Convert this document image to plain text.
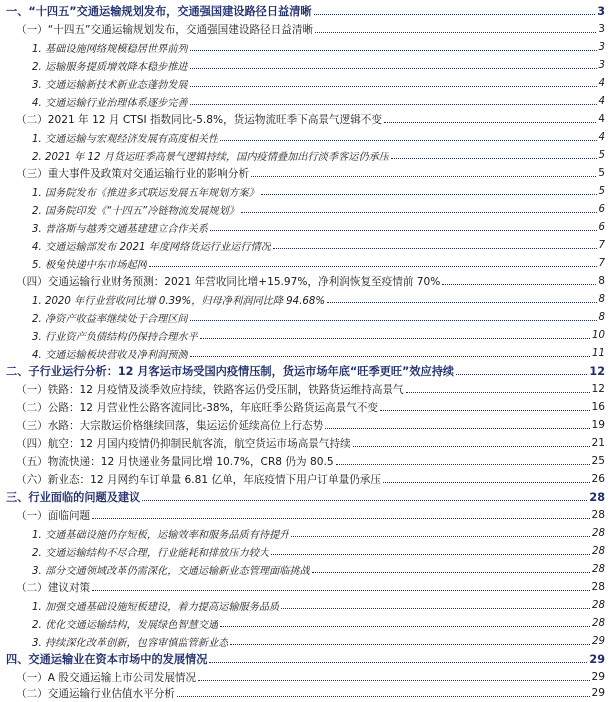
一、“十四五”交通运输规划发布，交通强国建设路径日益清晰	3
（一）“十四五”交通运输规划发布，交通强国建设路径日益清晰	3
1. 基础设施网络规模稳居世界前列	3
2. 运输服务提质增效降本稳步推进	3
3. 交通运输新技术新业态蓬勃发展	4
4. 交通运输行业治理体系逐步完善	4
（二）2021 年 12 月 CTSI 指数同比-5.8%，货运物流旺季下高景气逻辑不变	4
1. 交通运输与宏观经济发展有高度相关性	4
2. 2021 年 12 月货运旺季高景气逻辑持续，国内疫情叠加出行淡季客运仍承压	5
（三）重大事件及政策对交通运输行业的影响分析	5
1. 国务院发布《推进多式联运发展五年规划方案》	5
2. 国务院印发《“十四五”冷链物流发展规划》	6
3. 普洛斯与越秀交通基建建立合作关系	6
4. 交通运输部发布 2021 年度网络货运行业运行情况	7
5. 极兔快递中东市场起网	7
（四）交通运输行业财务预测：2021 年营收同比增+15.97%，净利润恢复至疫情前 70%	8
1. 2020 年行业营收同比增 0.39%，归母净利润同比降 94.68%	8
2. 净资产收益率继续处于合理区间	8
3. 行业资产负债结构仍保持合理水平	10
4. 交通运输板块营收及净利润预测	11
二、子行业运行分析：12 月客运市场受国内疫情压制，货运市场年底“旺季更旺”效应持续	12
（一）铁路：12 月疫情及淡季效应持续，铁路客运仍受压制，铁路货运维持高景气	12
（二）公路：12 月营业性公路客流同比-38%，年底旺季公路货运高景气不变	16
（三）水路：大宗散运价格继续回落，集运运价延续高位上行态势	19
（四）航空：12 月国内疫情仍抑制民航客流，航空货运市场高景气持续	21
（五）物流快递：12 月快递业务量同比增 10.7%，CR8 仍为 80.5	25
（六）新业态：12 月网约车订单量 6.81 亿单，年底疫情下用户订单量仍承压	26
三、行业面临的问题及建议	28
（一）面临问题	28
1. 交通基础设施仍存短板，运输效率和服务品质有待提升	28
2. 交通运输结构不尽合理，行业能耗和排放压力较大	28
3. 部分交通领域改革仍需深化，交通运输新业态管理面临挑战	28
（二）建议对策	28
1. 加强交通基础设施短板建设，着力提高运输服务品质	28
2. 优化交通运输结构，发展绿色智慧交通	28
3. 持续深化改革创新，包容审慎监管新业态	29
四、交通运输业在资本市场中的发展情况	29
（一）A 股交通运输上市公司发展情况	29
（二）交通运输行业估值水平分析	29
